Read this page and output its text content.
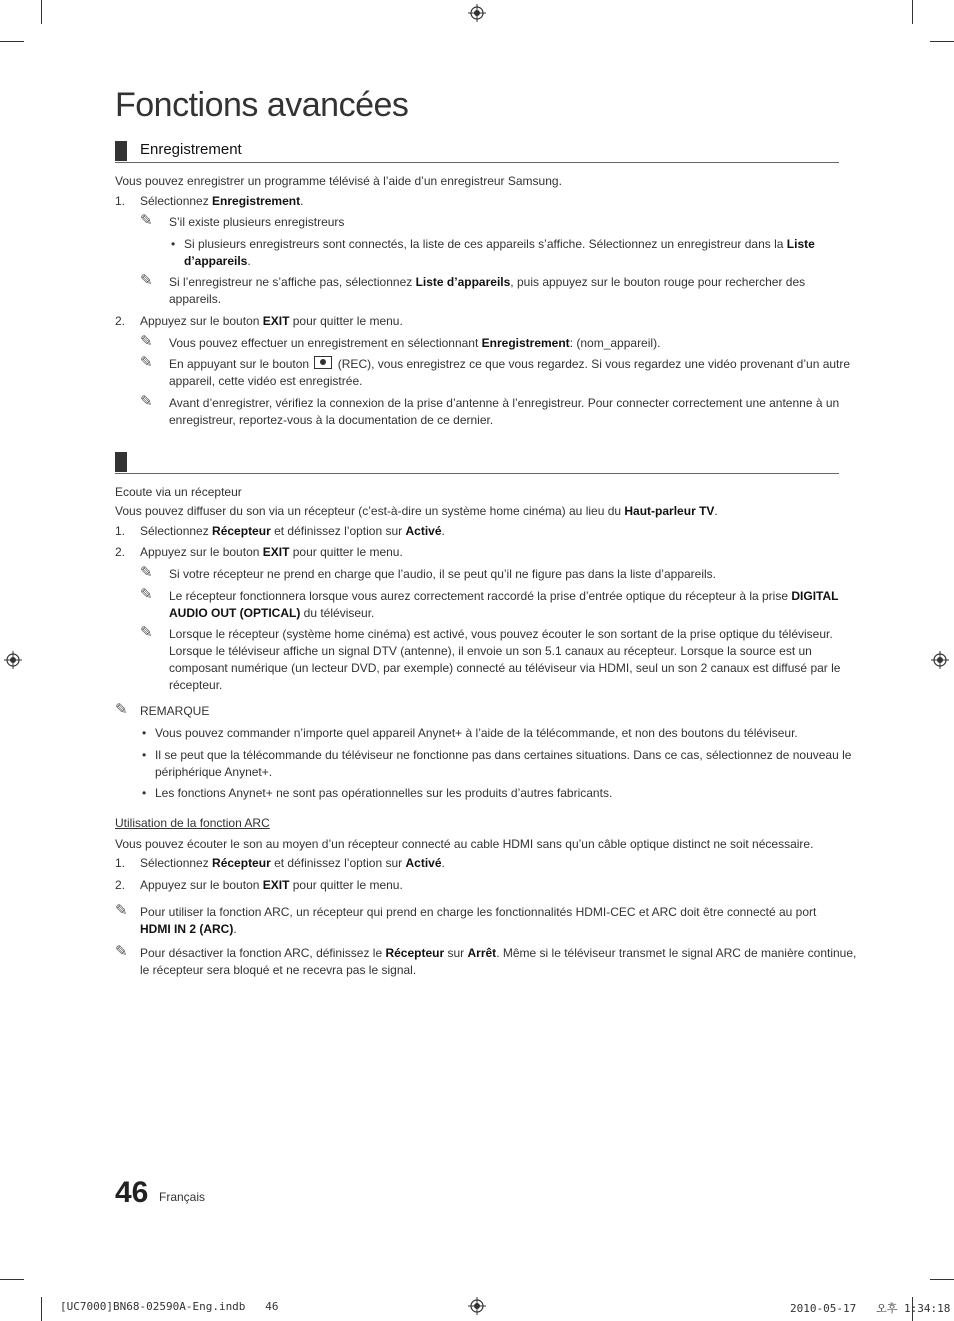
Fonctions avancées
Enregistrement
Vous pouvez enregistrer un programme télévisé à l’aide d’un enregistreur Samsung.
1. Sélectionnez Enregistrement.
✎ S’il existe plusieurs enregistreurs
• Si plusieurs enregistreurs sont connectés, la liste de ces appareils s’affiche. Sélectionnez un enregistreur dans la Liste
d’appareils.
✎ Si l’enregistreur ne s’affiche pas, sélectionnez Liste d’appareils, puis appuyez sur le bouton rouge pour rechercher des
appareils.
2. Appuyez sur le bouton EXIT pour quitter le menu.
✎ Vous pouvez effectuer un enregistrement en sélectionnant Enregistrement: (nom_appareil).
✎ En appuyant sur le bouton  (REC), vous enregistrez ce que vous regardez. Si vous regardez une vidéo provenant d’un autre
appareil, cette vidéo est enregistrée.
✎ Avant d’enregistrer, vérifiez la connexion de la prise d’antenne à l’enregistreur. Pour connecter correctement une antenne à un
enregistreur, reportez-vous à la documentation de ce dernier.
Ecoute via un récepteur
Vous pouvez diffuser du son via un récepteur (c’est-à-dire un système home cinéma) au lieu du Haut-parleur TV.
1. Sélectionnez Récepteur et définissez l’option sur Activé.
2. Appuyez sur le bouton EXIT pour quitter le menu.
✎ Si votre récepteur ne prend en charge que l’audio, il se peut qu’il ne figure pas dans la liste d’appareils.
✎ Le récepteur fonctionnera lorsque vous aurez correctement raccordé la prise d’entrée optique du récepteur à la prise DIGITAL
AUDIO OUT (OPTICAL) du téléviseur.
✎ Lorsque le récepteur (système home cinéma) est activé, vous pouvez écouter le son sortant de la prise optique du téléviseur.
Lorsque le téléviseur affiche un signal DTV (antenne), il envoie un son 5.1 canaux au récepteur. Lorsque la source est un
composant numérique (un lecteur DVD, par exemple) connecté au téléviseur via HDMI, seul un son 2 canaux est diffusé par le
récepteur.
✎ REMARQUE
• Vous pouvez commander n’importe quel appareil Anynet+ à l’aide de la télécommande, et non des boutons du téléviseur.
• Il se peut que la télécommande du téléviseur ne fonctionne pas dans certaines situations. Dans ce cas, sélectionnez de nouveau le
périphérique Anynet+.
• Les fonctions Anynet+ ne sont pas opérationnelles sur les produits d’autres fabricants.
Utilisation de la fonction ARC
Vous pouvez écouter le son au moyen d’un récepteur connecté au cable HDMI sans qu’un câble optique distinct ne soit nécessaire.
1. Sélectionnez Récepteur et définissez l’option sur Activé.
2. Appuyez sur le bouton EXIT pour quitter le menu.
✎ Pour utiliser la fonction ARC, un récepteur qui prend en charge les fonctionnalités HDMI-CEC et ARC doit être connecté au port
HDMI IN 2 (ARC).
✎ Pour désactiver la fonction ARC, définissez le Récepteur sur Arrêt. Même si le téléviseur transmet le signal ARC de manière continue,
le récepteur sera bloqué et ne recevra pas le signal.
46 Français
[UC7000]BN68-02590A-Eng.indb   46	2010-05-17   오후 1:34:18
